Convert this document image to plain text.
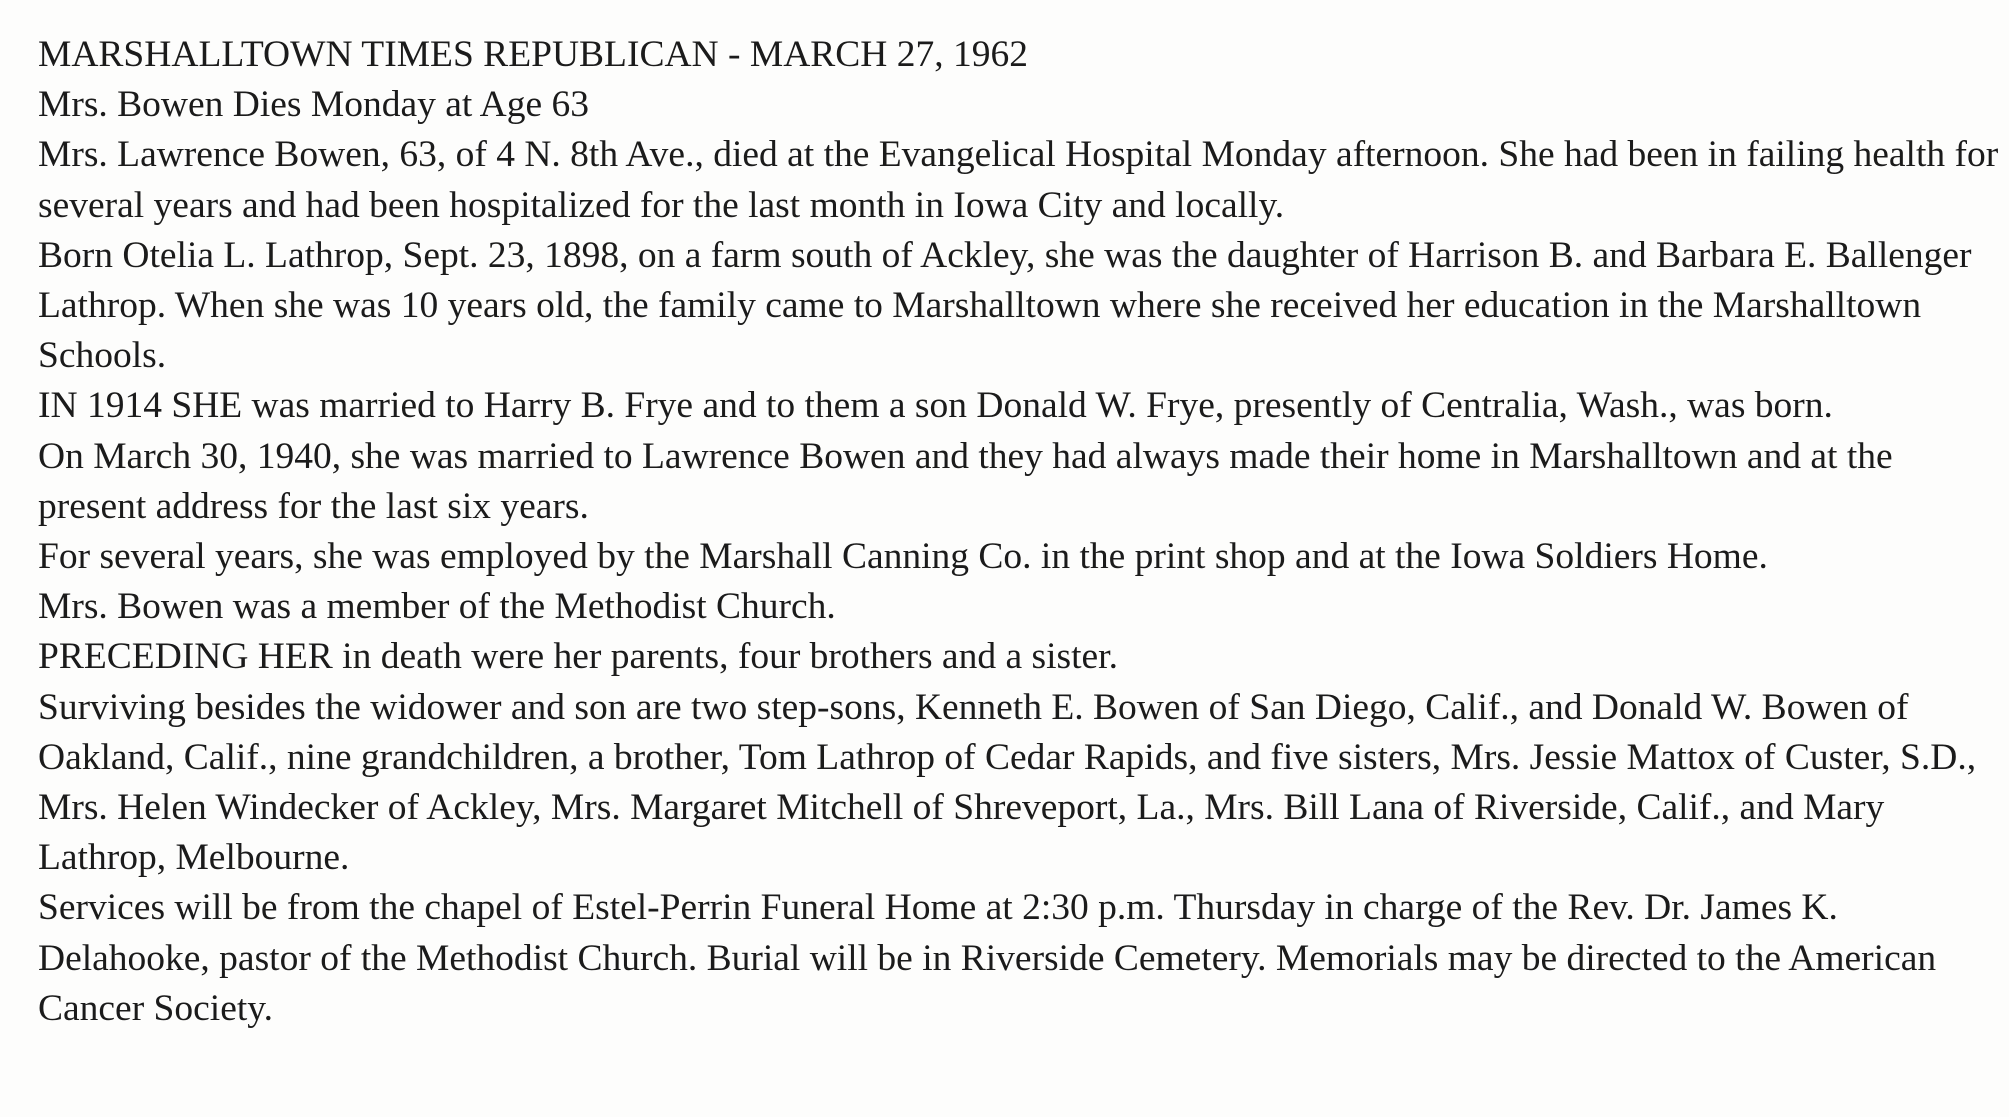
MARSHALLTOWN TIMES REPUBLICAN - MARCH 27, 1962

Mrs. Bowen Dies Monday at Age 63

Mrs. Lawrence Bowen, 63, of 4 N. 8th Ave., died at the Evangelical Hospital Monday afternoon. She had been in failing health for several years and had been hospitalized for the last month in Iowa City and locally.

Born Otelia L. Lathrop, Sept. 23, 1898, on a farm south of Ackley, she was the daughter of Harrison B. and Barbara E. Ballenger Lathrop. When she was 10 years old, the family came to Marshalltown where she received her education in the Marshalltown Schools.

IN 1914 SHE was married to Harry B. Frye and to them a son Donald W. Frye, presently of Centralia, Wash., was born.

On March 30, 1940, she was married to Lawrence Bowen and they had always made their home in Marshalltown and at the present address for the last six years.

For several years, she was employed by the Marshall Canning Co. in the print shop and at the Iowa Soldiers Home.

Mrs. Bowen was a member of the Methodist Church.

PRECEDING HER in death were her parents, four brothers and a sister.

Surviving besides the widower and son are two step-sons, Kenneth E. Bowen of San Diego, Calif., and Donald W. Bowen of Oakland, Calif., nine grandchildren, a brother, Tom Lathrop of Cedar Rapids, and five sisters, Mrs. Jessie Mattox of Custer, S.D., Mrs. Helen Windecker of Ackley, Mrs. Margaret Mitchell of Shreveport, La., Mrs. Bill Lana of Riverside, Calif., and Mary Lathrop, Melbourne.

Services will be from the chapel of Estel-Perrin Funeral Home at 2:30 p.m. Thursday in charge of the Rev. Dr. James K. Delahooke, pastor of the Methodist Church. Burial will be in Riverside Cemetery. Memorials may be directed to the American Cancer Society.
